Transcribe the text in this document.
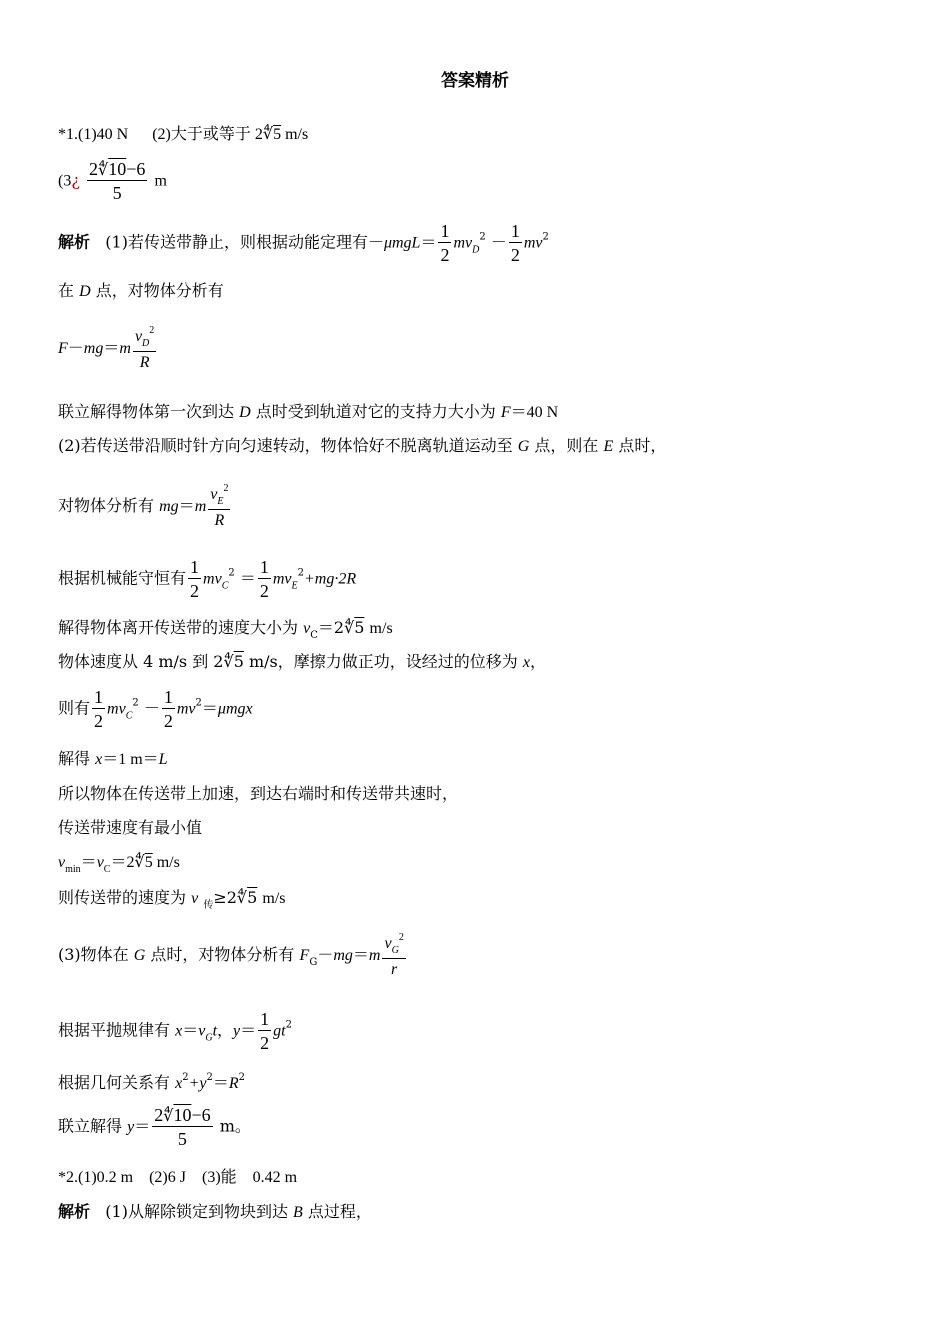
答案精析
*1.(1)40 N (2)大于或等于 2∜5 m/s
(3¿ $\frac{2∜10-6}{5}$ m
解析 (1)若传送带静止，则根据动能定理有$-\mu mgL= \frac{1}{2} mv_D^2 - \frac{1}{2} mv^2$
在 D 点，对物体分析有
$F-mg=m \frac{v_D^2}{R}$
联立解得物体第一次到达 D 点时受到轨道对它的支持力大小为 F＝40 N
(2)若传送带沿顺时针方向匀速转动，物体恰好不脱离轨道运动至 G 点，则在 E 点时，
对物体分析有 $mg=m \frac{v_E^2}{R}$
根据机械能守恒有 $\frac{1}{2} mv_C^2 = \frac{1}{2} mv_E^2+mg\cdot 2R$
解得物体离开传送带的速度大小为 $v_C=2∜5$ m/s
物体速度从 4 m/s 到 2∜5 m/s，摩擦力做正功，设经过的位移为 x，
则有 $\frac{1}{2} mv_C^2 - \frac{1}{2} mv^2=\mu mgx$
解得 x＝1 m＝L
所以物体在传送带上加速，到达右端时和传送带共速时，
传送带速度有最小值
$v_{min}=v_C=2∜5$ m/s
则传送带的速度为 v $_传$≥2∜5 m/s
(3)物体在 G 点时，对物体分析有 $F_G-mg=m \frac{v_G^2}{r}$
根据平抛规律有 $x=v_Gt$，$y= \frac{1}{2} gt^2$
根据几何关系有 $x^2+y^2=R^2$
联立解得 $y= \frac{2∜10-6}{5}$ m。
*2.(1)0.2 m　(2)6 J　(3)能　0.42 m
解析 (1)从解除锁定到物块到达 B 点过程，
